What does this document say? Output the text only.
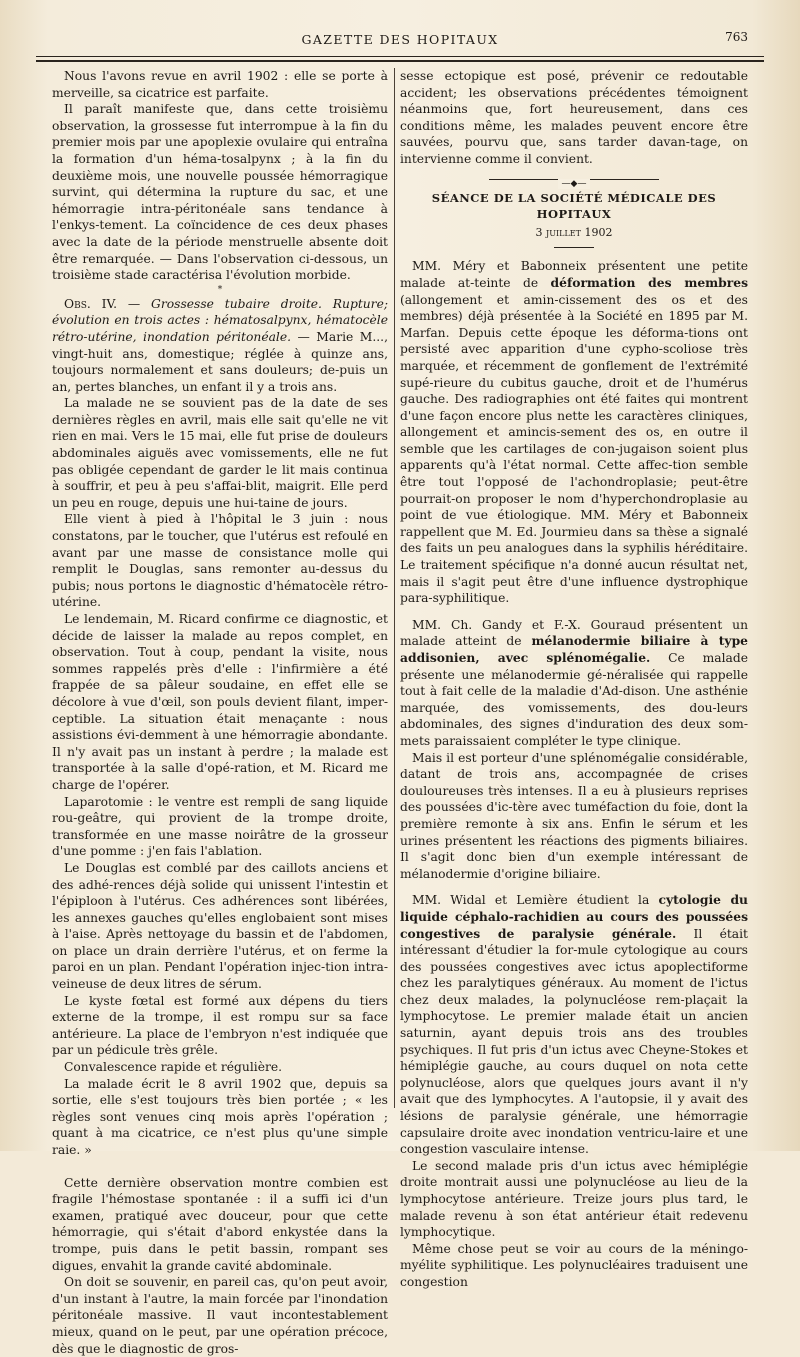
GAZETTE DES HOPITAUX	763

Nous l'avons revue en avril 1902 : elle se porte à merveille, sa cicatrice est parfaite.

Il paraît manifeste que, dans cette troisièmu observation, la grossesse fut interrompue à la fin du premier mois par une apoplexie ovulaire qui entraîna la formation d'un héma-tosalpynx ; à la fin du deuxième mois, une nouvelle poussée hémorragique survint, qui détermina la rupture du sac, et une hémorragie intra-péritonéale sans tendance à l'enkys-tement. La coïncidence de ces deux phases avec la date de la période menstruelle absente doit être remarquée. — Dans l'observation ci-dessous, un troisième stade caractérisa l'évolution morbide.

*

Obs. IV. — Grossesse tubaire droite. Rupture; évolution en trois actes : hématosalpynx, hématocèle rétro-utérine, inondation péritonéale. — Marie M..., vingt-huit ans, domestique; réglée à quinze ans, toujours normalement et sans douleurs; de-puis un an, pertes blanches, un enfant il y a trois ans.

La malade ne se souvient pas de la date de ses dernières règles en avril, mais elle sait qu'elle ne vit rien en mai. Vers le 15 mai, elle fut prise de douleurs abdominales aiguës avec vomissements, elle ne fut pas obligée cependant de garder le lit mais continua à souffrir, et peu à peu s'affai-blit, maigrit. Elle perd un peu en rouge, depuis une hui-taine de jours.

Elle vient à pied à l'hôpital le 3 juin : nous constatons, par le toucher, que l'utérus est refoulé en avant par une masse de consistance molle qui remplit le Douglas, sans remonter au-dessus du pubis; nous portons le diagnostic d'hématocèle rétro-utérine.

Le lendemain, M. Ricard confirme ce diagnostic, et décide de laisser la malade au repos complet, en observation. Tout à coup, pendant la visite, nous sommes rappelés près d'elle : l'infirmière a été frappée de sa pâleur soudaine, en effet elle se décolore à vue d'œil, son pouls devient filant, imper-ceptible. La situation était menaçante : nous assistions évi-demment à une hémorragie abondante. Il n'y avait pas un instant à perdre ; la malade est transportée à la salle d'opé-ration, et M. Ricard me charge de l'opérer.

Laparotomie : le ventre est rempli de sang liquide rou-geâtre, qui provient de la trompe droite, transformée en une masse noirâtre de la grosseur d'une pomme : j'en fais l'ablation.

Le Douglas est comblé par des caillots anciens et des adhé-rences déjà solide qui unissent l'intestin et l'épiploon à l'utérus. Ces adhérences sont libérées, les annexes gauches qu'elles englobaient sont mises à l'aise. Après nettoyage du bassin et de l'abdomen, on place un drain derrière l'utérus, et on ferme la paroi en un plan. Pendant l'opération injec-tion intra-veineuse de deux litres de sérum.

Le kyste fœtal est formé aux dépens du tiers externe de la trompe, il est rompu sur sa face antérieure. La place de l'embryon n'est indiquée que par un pédicule très grêle.

Convalescence rapide et régulière.

La malade écrit le 8 avril 1902 que, depuis sa sortie, elle s'est toujours très bien portée ; « les règles sont venues cinq mois après l'opération ; quant à ma cicatrice, ce n'est plus qu'une simple raie. »

Cette dernière observation montre combien est fragile l'hémostase spontanée : il a suffi ici d'un examen, pratiqué avec douceur, pour que cette hémorragie, qui s'était d'abord enkystée dans la trompe, puis dans le petit bassin, rompant ses digues, envahit la grande cavité abdominale.

On doit se souvenir, en pareil cas, qu'on peut avoir, d'un instant à l'autre, la main forcée par l'inondation péritonéale massive. Il vaut incontestablement mieux, quand on le peut, par une opération précoce, dès que le diagnostic de gros-

sesse ectopique est posé, prévenir ce redoutable accident; les observations précédentes témoignent néanmoins que, fort heureusement, dans ces conditions même, les malades peuvent encore être sauvées, pourvu que, sans tarder davan-tage, on intervienne comme il convient.

—◆—
SÉANCE DE LA SOCIÉTÉ MÉDICALE DES HOPITAUX
3 juillet 1902

MM. Méry et Babonneix présentent une petite malade at-teinte de déformation des membres (allongement et amin-cissement des os et des membres) déjà présentée à la Société en 1895 par M. Marfan. Depuis cette époque les déforma-tions ont persisté avec apparition d'une cypho-scoliose très marquée, et récemment de gonflement de l'extrémité supé-rieure du cubitus gauche, droit et de l'humérus gauche. Des radiographies ont été faites qui montrent d'une façon encore plus nette les caractères cliniques, allongement et amincis-sement des os, en outre il semble que les cartilages de con-jugaison soient plus apparents qu'à l'état normal. Cette affec-tion semble être tout l'opposé de l'achondroplasie; peut-être pourrait-on proposer le nom d'hyperchondroplasie au point de vue étiologique. MM. Méry et Babonneix rappellent que M. Ed. Jourmieu dans sa thèse a signalé des faits un peu analogues dans la syphilis héréditaire. Le traitement spécifique n'a donné aucun résultat net, mais il s'agit peut être d'une influence dystrophique para-syphilitique.

MM. Ch. Gandy et F.-X. Gouraud présentent un malade atteint de mélanodermie biliaire à type addisonien, avec splénomégalie. Ce malade présente une mélanodermie gé-néralisée qui rappelle tout à fait celle de la maladie d'Ad-dison. Une asthénie marquée, des vomissements, des dou-leurs abdominales, des signes d'induration des deux som-mets paraissaient compléter le type clinique.

Mais il est porteur d'une splénomégalie considérable, datant de trois ans, accompagnée de crises douloureuses très intenses. Il a eu à plusieurs reprises des poussées d'ic-tère avec tuméfaction du foie, dont la première remonte à six ans. Enfin le sérum et les urines présentent les réactions des pigments biliaires. Il s'agit donc bien d'un exemple intéressant de mélanodermie d'origine biliaire.

MM. Widal et Lemière étudient la cytologie du liquide céphalo-rachidien au cours des poussées congestives de paralysie générale. Il était intéressant d'étudier la for-mule cytologique au cours des poussées congestives avec ictus apoplectiforme chez les paralytiques généraux. Au moment de l'ictus chez deux malades, la polynucléose rem-plaçait la lymphocytose. Le premier malade était un ancien saturnin, ayant depuis trois ans des troubles psychiques. Il fut pris d'un ictus avec Cheyne-Stokes et hémiplégie gauche, au cours duquel on nota cette polynucléose, alors que quelques jours avant il n'y avait que des lymphocytes. A l'autopsie, il y avait des lésions de paralysie générale, une hémorragie capsulaire droite avec inondation ventricu-laire et une congestion vasculaire intense.

Le second malade pris d'un ictus avec hémiplégie droite montrait aussi une polynucléose au lieu de la lymphocytose antérieure. Treize jours plus tard, le malade revenu à son état antérieur était redevenu lymphocytique.

Même chose peut se voir au cours de la méningo-myélite syphilitique. Les polynucléaires traduisent une congestion
